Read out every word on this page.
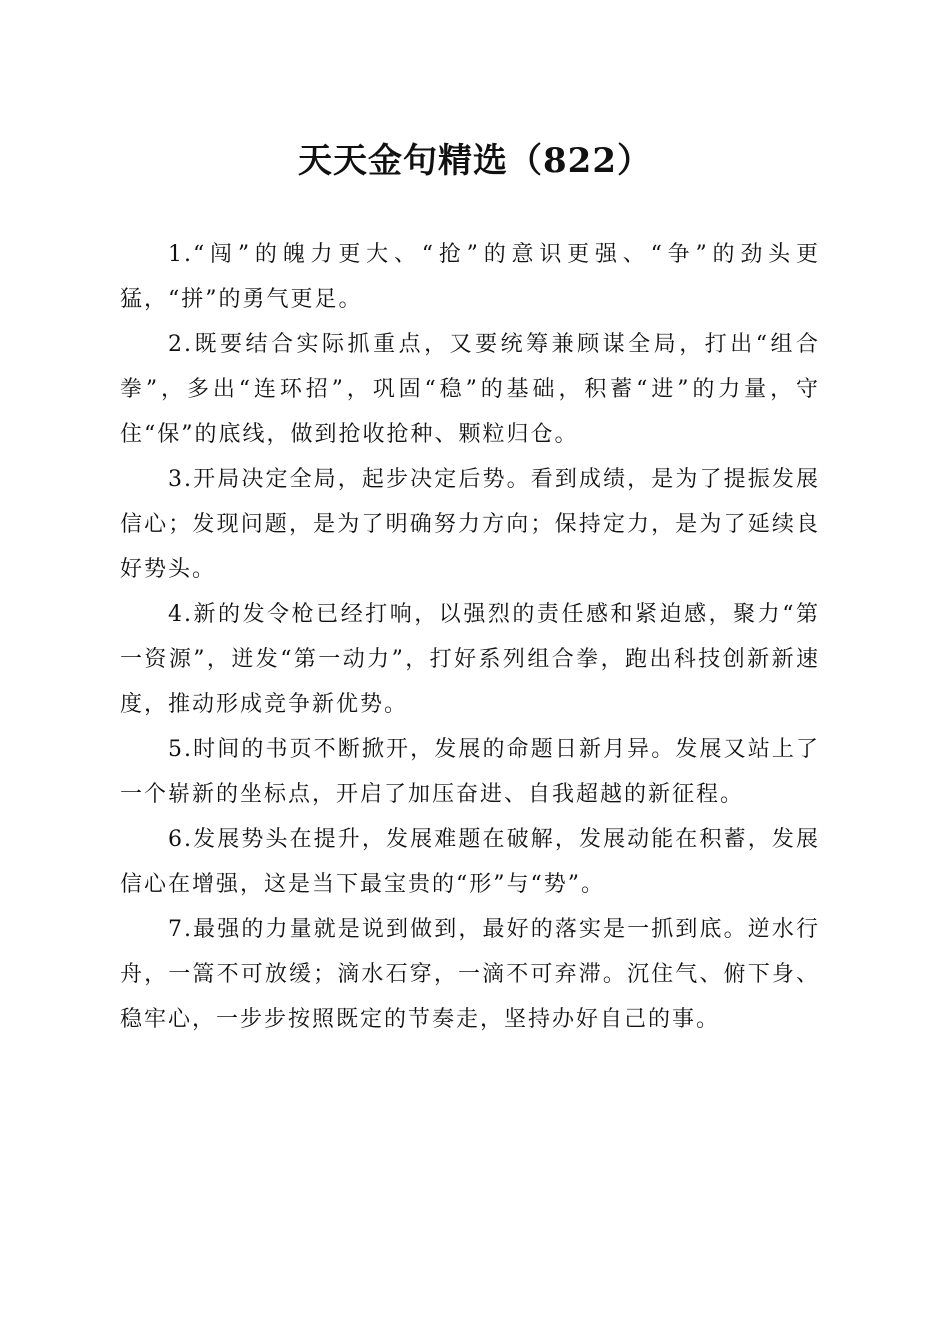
天天金句精选（822）

1.“闯”的魄力更大、“抢”的意识更强、“争”的劲头更猛，“拼”的勇气更足。

2.既要结合实际抓重点，又要统筹兼顾谋全局，打出“组合拳”，多出“连环招”，巩固“稳”的基础，积蓄“进”的力量，守住“保”的底线，做到抢收抢种、颗粒归仓。

3.开局决定全局，起步决定后势。看到成绩，是为了提振发展信心；发现问题，是为了明确努力方向；保持定力，是为了延续良好势头。

4.新的发令枪已经打响，以强烈的责任感和紧迫感，聚力“第一资源”，迸发“第一动力”，打好系列组合拳，跑出科技创新新速度，推动形成竞争新优势。

5.时间的书页不断掀开，发展的命题日新月异。发展又站上了一个崭新的坐标点，开启了加压奋进、自我超越的新征程。

6.发展势头在提升，发展难题在破解，发展动能在积蓄，发展信心在增强，这是当下最宝贵的“形”与“势”。

7.最强的力量就是说到做到，最好的落实是一抓到底。逆水行舟，一篙不可放缓；滴水石穿，一滴不可弃滞。沉住气、俯下身、稳牢心，一步步按照既定的节奏走，坚持办好自己的事。
